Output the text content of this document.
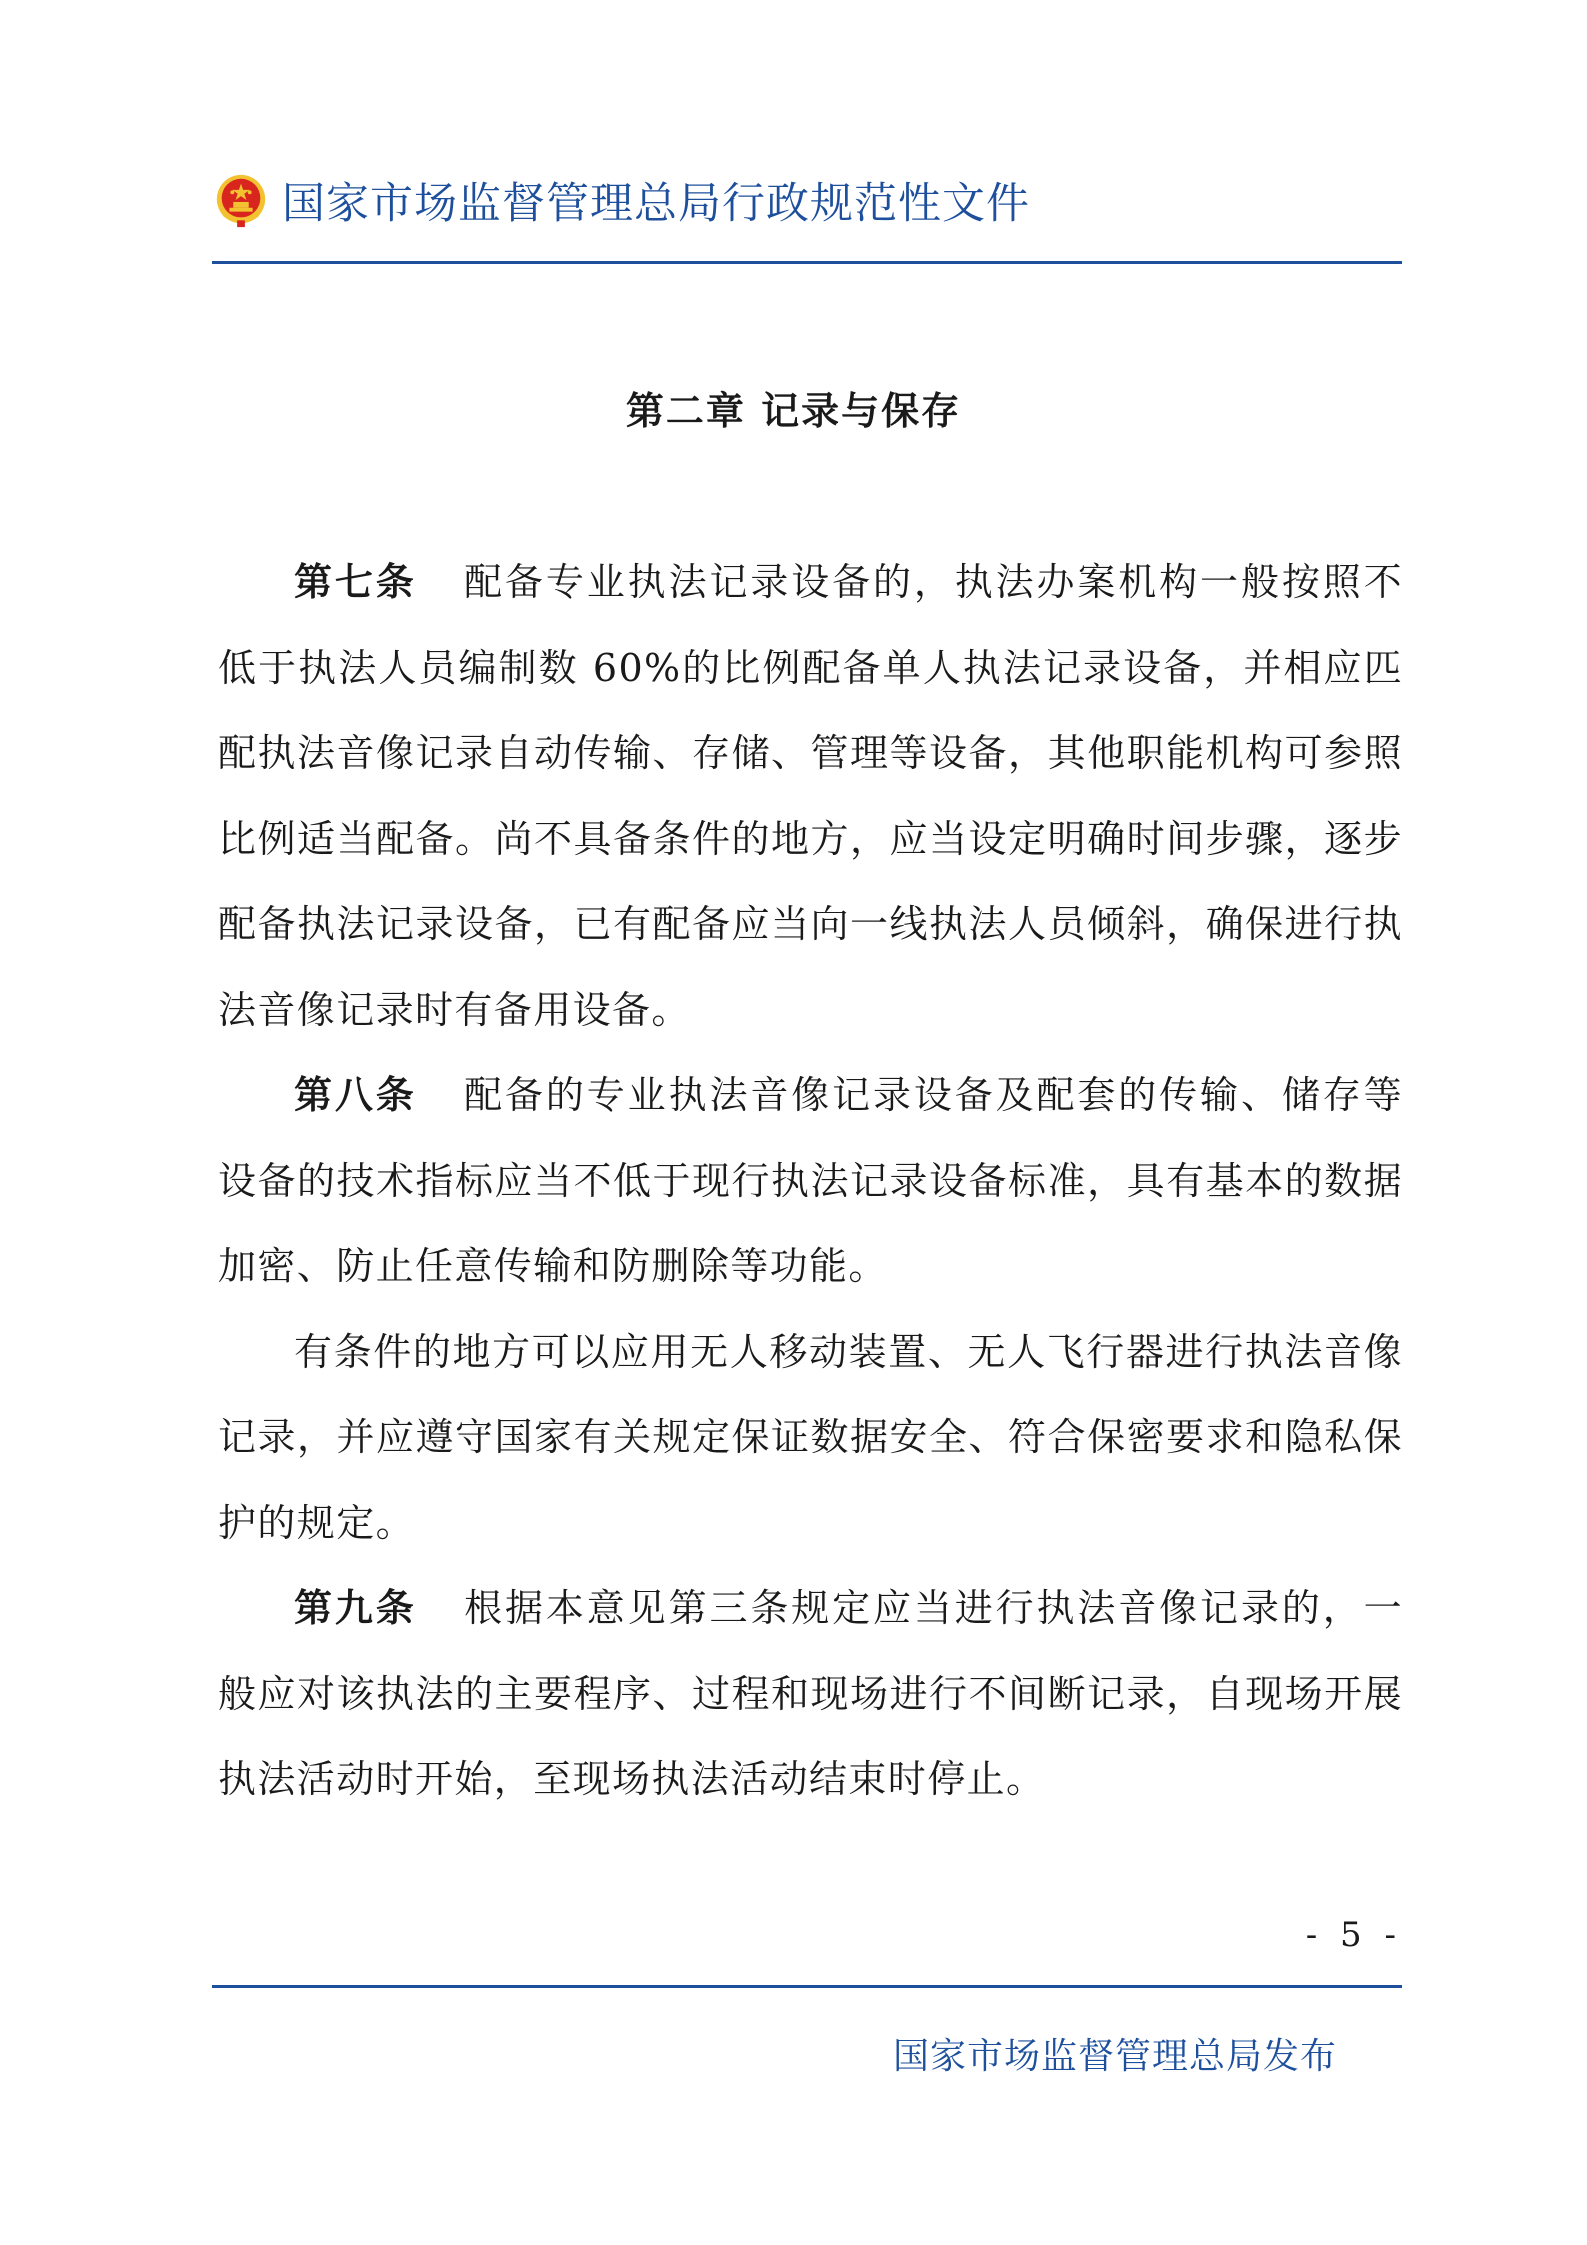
国家市场监督管理总局行政规范性文件
第二章 记录与保存

第七条 配备专业执法记录设备的，执法办案机构一般按照不低于执法人员编制数 60%的比例配备单人执法记录设备，并相应匹配执法音像记录自动传输、存储、管理等设备，其他职能机构可参照比例适当配备。尚不具备条件的地方，应当设定明确时间步骤，逐步配备执法记录设备，已有配备应当向一线执法人员倾斜，确保进行执法音像记录时有备用设备。

第八条 配备的专业执法音像记录设备及配套的传输、储存等设备的技术指标应当不低于现行执法记录设备标准，具有基本的数据加密、防止任意传输和防删除等功能。

有条件的地方可以应用无人移动装置、无人飞行器进行执法音像记录，并应遵守国家有关规定保证数据安全、符合保密要求和隐私保护的规定。

第九条 根据本意见第三条规定应当进行执法音像记录的，一般应对该执法的主要程序、过程和现场进行不间断记录，自现场开展执法活动时开始，至现场执法活动结束时停止。

- 5 -
国家市场监督管理总局发布
